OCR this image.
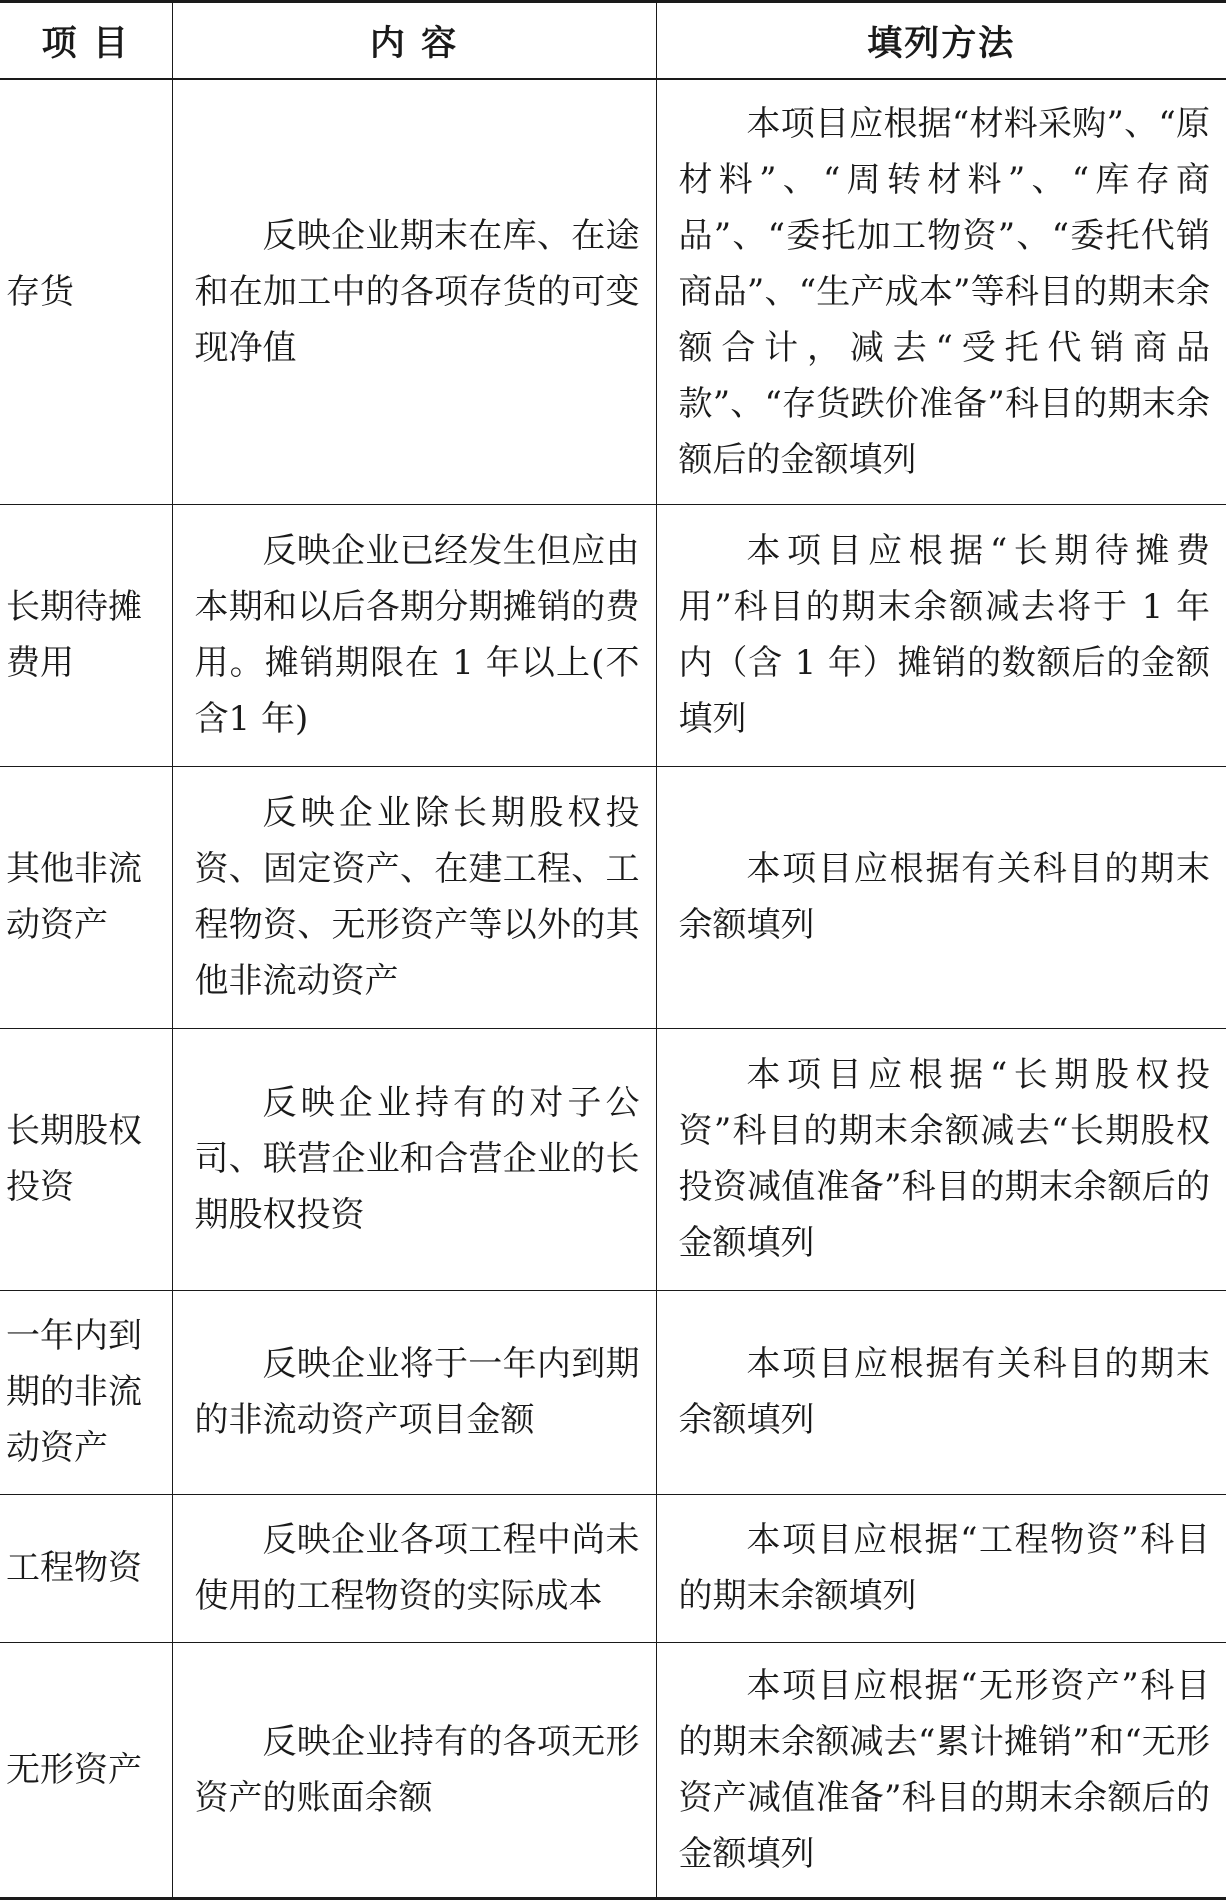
项 目	内 容	填列方法
存货	反映企业期末在库、在途和在加工中的各项存货的可变现净值	本项目应根据“材料采购”、“原材料”、“周转材料”、“库存商品”、“委托加工物资”、“委托代销商品”、“生产成本”等科目的期末余额合计，减去“受托代销商品款”、“存货跌价准备”科目的期末余额后的金额填列
长期待摊费用	反映企业已经发生但应由本期和以后各期分期摊销的费用。摊销期限在 1 年以上(不含1 年)	本项目应根据“长期待摊费用”科目的期末余额减去将于 1 年内（含 1 年）摊销的数额后的金额填列
其他非流动资产	反映企业除长期股权投资、固定资产、在建工程、工程物资、无形资产等以外的其他非流动资产	本项目应根据有关科目的期末余额填列
长期股权投资	反映企业持有的对子公司、联营企业和合营企业的长期股权投资	本项目应根据“长期股权投资”科目的期末余额减去“长期股权投资减值准备”科目的期末余额后的金额填列
一年内到期的非流动资产	反映企业将于一年内到期的非流动资产项目金额	本项目应根据有关科目的期末余额填列
工程物资	反映企业各项工程中尚未使用的工程物资的实际成本	本项目应根据“工程物资”科目的期末余额填列
无形资产	反映企业持有的各项无形资产的账面余额	本项目应根据“无形资产”科目的期末余额减去“累计摊销”和“无形资产减值准备”科目的期末余额后的金额填列
